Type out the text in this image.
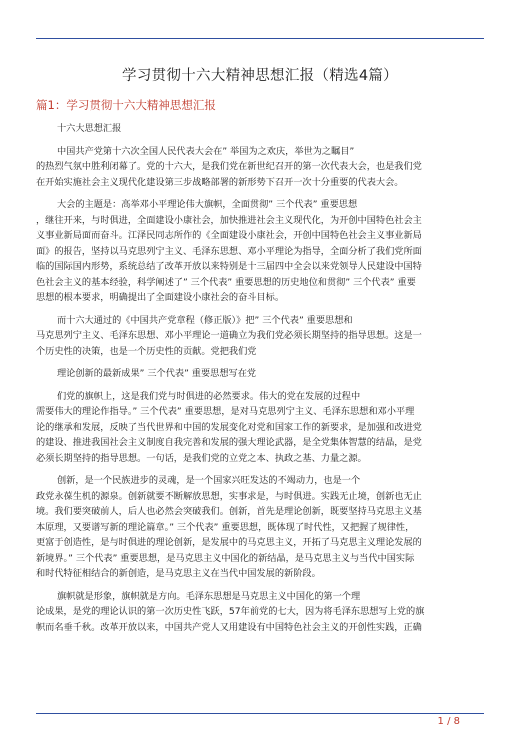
学习贯彻十六大精神思想汇报（精选4篇）
篇1：学习贯彻十六大精神思想汇报
十六大思想汇报
中国共产党第十六次全国人民代表大会在” 举国为之欢庆，举世为之瞩目”
的热烈气氛中胜利闭幕了。党的十六大，是我们党在新世纪召开的第一次代表大会，也是我们党
在开始实施社会主义现代化建设第三步战略部署的新形势下召开一次十分重要的代表大会。
大会的主题是：高举邓小平理论伟大旗帜，全面贯彻” 三个代表” 重要思想
，继往开来，与时俱进，全面建设小康社会，加快推进社会主义现代化，为开创中国特色社会主
义事业新局面而奋斗。江泽民同志所作的《全面建设小康社会，开创中国特色社会主义事业新局
面》的报告，坚持以马克思列宁主义、毛泽东思想、邓小平理论为指导，全面分析了我们党所面
临的国际国内形势，系统总结了改革开放以来特别是十三届四中全会以来党领导人民建设中国特
色社会主义的基本经验，科学阐述了” 三个代表” 重要思想的历史地位和贯彻” 三个代表” 重要
思想的根本要求，明确提出了全面建设小康社会的奋斗目标。
而十六大通过的《中国共产党章程（修正版）》把” 三个代表” 重要思想和
马克思列宁主义、毛泽东思想、邓小平理论一道确立为我们党必须长期坚持的指导思想。这是一
个历史性的决策，也是一个历史性的贡献。党把我们党
理论创新的最新成果” 三个代表” 重要思想写在党
们党的旗帜上，这是我们党与时俱进的必然要求。伟大的党在发展的过程中
需要伟大的理论作指导。” 三个代表” 重要思想，是对马克思列宁主义、毛泽东思想和邓小平理
论的继承和发展，反映了当代世界和中国的发展变化对党和国家工作的新要求，是加强和改进党
的建设、推进我国社会主义制度自我完善和发展的强大理论武器，是全党集体智慧的结晶，是党
必须长期坚持的指导思想。一句话，是我们党的立党之本、执政之基、力量之源。
创新，是一个民族进步的灵魂，是一个国家兴旺发达的不竭动力，也是一个
政党永葆生机的源泉。创新就要不断解放思想，实事求是，与时俱进。实践无止境，创新也无止
境。我们要突破前人，后人也必然会突破我们。创新，首先是理论创新，既要坚持马克思主义基
本原理，又要谱写新的理论篇章。” 三个代表” 重要思想，既体现了时代性，又把握了规律性，
更富于创造性，是与时俱进的理论创新，是发展中的马克思主义，开拓了马克思主义理论发展的
新境界。” 三个代表” 重要思想，是马克思主义中国化的新结晶，是马克思主义与当代中国实际
和时代特征相结合的新创造，是马克思主义在当代中国发展的新阶段。
旗帜就是形象，旗帜就是方向。毛泽东思想是马克思主义中国化的第一个理
论成果，是党的理论认识的第一次历史性飞跃，57年前党的七大，因为将毛泽东思想写上党的旗
帜而名垂千秋。改革开放以来，中国共产党人又用建设有中国特色社会主义的开创性实践，正确
1 / 8
